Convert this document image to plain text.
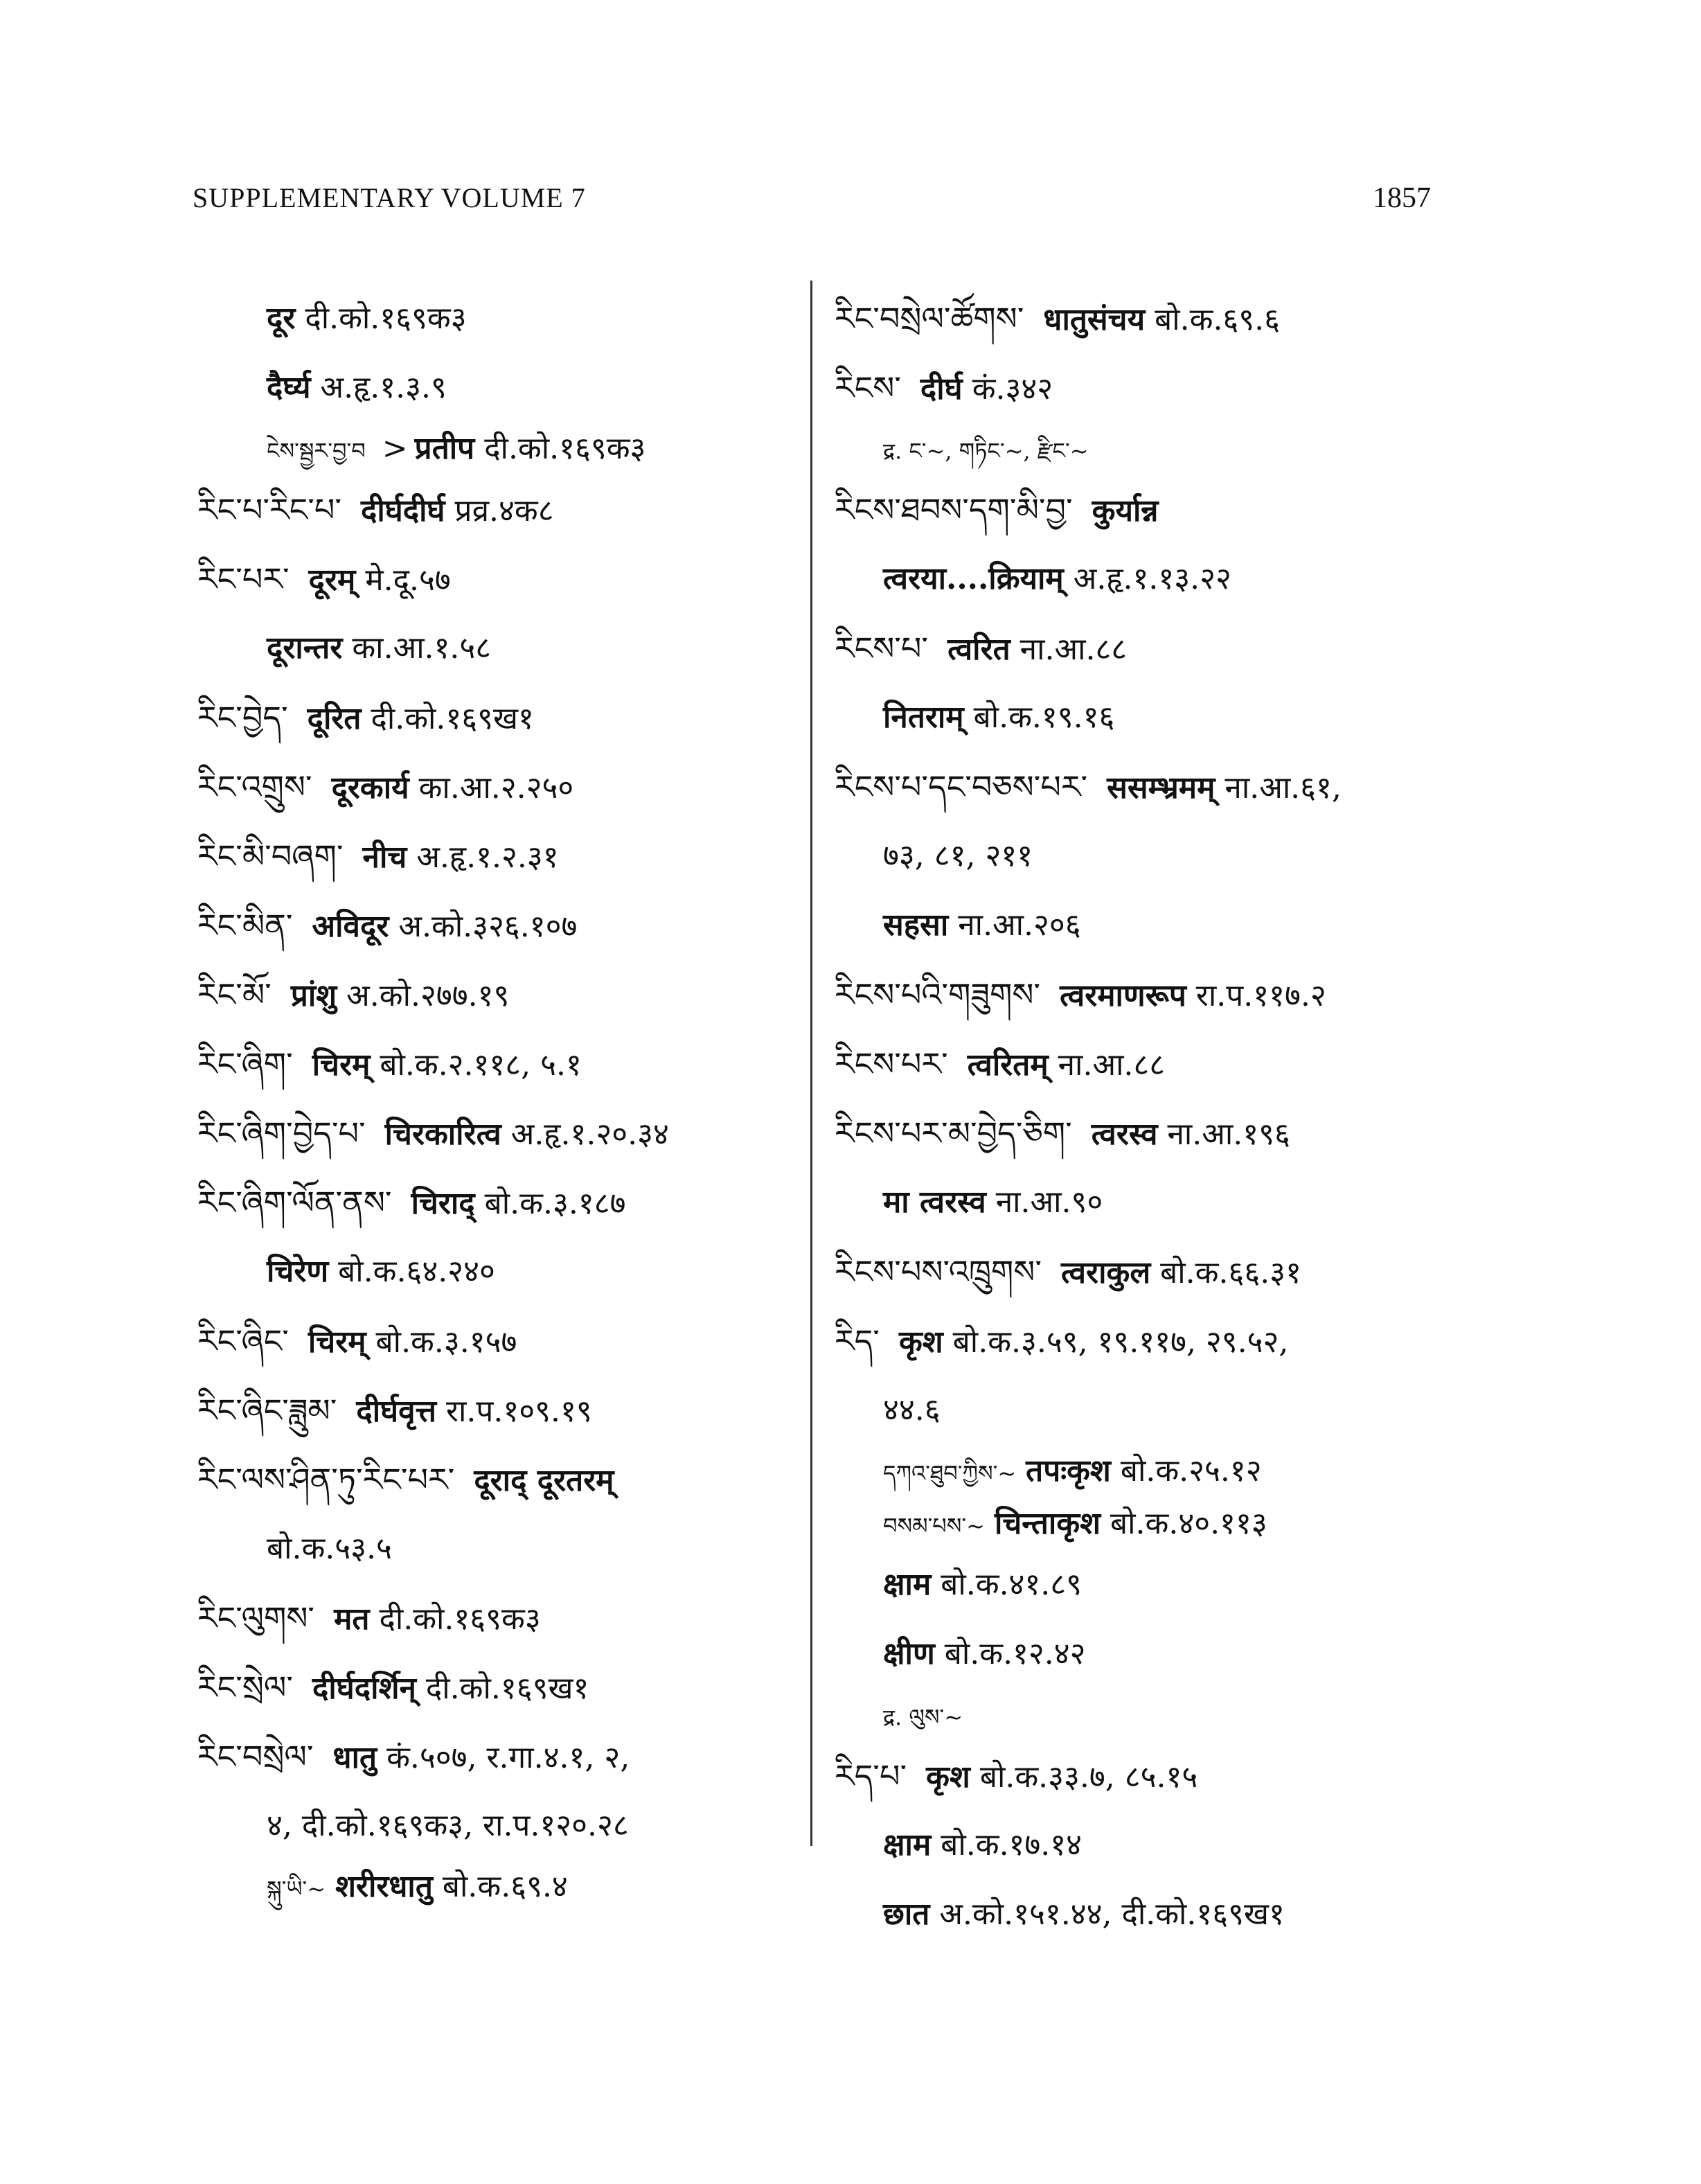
SUPPLEMENTARY VOLUME 7	1857
दूर दी.को.१६९क३
दैर्घ्य अ.हृ.१.३.९
ངེས་སྦྱར་བྱ་བ > प्रतीप दी.को.१६९क३
རིང་པ་རིང་པ་ दीर्घदीर्घ प्रव्र.४क८
རིང་པར་ दूरम् मे.दू.५७
दूरान्तर का.आ.१.५८
རིང་བྱེད་ दूरित दी.को.१६९ख१
རིང་འགྲུས་ दूरकार्य का.आ.२.२५०
རིང་མི་བཞག་ नीच अ.हृ.१.२.३१
རིང་མིན་ अविदूर अ.को.३२६.१०७
རིང་མོ་ प्रांशु अ.को.२७७.१९
རིང་ཞིག་ चिरम् बो.क.२.११८, ५.१
རིང་ཞིག་བྱེད་པ་ चिरकारित्व अ.हृ.१.२०.३४
རིང་ཞིག་ལོན་ནས་ चिराद् बो.क.३.१८७
चिरेण बो.क.६४.२४०
རིང་ཞིང་ चिरम् बो.क.३.१५७
རིང་ཞིང་ཟླུམ་ दीर्घवृत्त रा.प.१०९.१९
རིང་ལས་ཤིན་ཏུ་རིང་པར་ दूराद् दूरतरम्
बो.क.५३.५
རིང་ལུགས་ मत दी.को.१६९क३
རིང་སྲེལ་ दीर्घदर्शिन् दी.को.१६९ख१
རིང་བསྲེལ་ धातु कं.५०७, र.गा.४.१, २,
४, दी.को.१६९क३, रा.प.१२०.२८
སྐུ་ཡི་~ शरीरधातु बो.क.६९.४
རིང་བསྲེལ་ཚོགས་ धातुसंचय बो.क.६९.६
རིངས་ दीर्घ कं.३४२
द्र. ང་~, གཏིང་~, རྫིང་~
རིངས་ཐབས་དག་མི་བྱ་ कुर्यान्न
त्वरया....क्रियाम् अ.हृ.१.१३.२२
རིངས་པ་ त्वरित ना.आ.८८
नितराम् बो.क.१९.१६
རིངས་པ་དང་བཅས་པར་ ससम्भ्रमम् ना.आ.६१,
७३, ८१, २११
सहसा ना.आ.२०६
རིངས་པའི་གཟུགས་ त्वरमाणरूप रा.प.११७.२
རིངས་པར་ त्वरितम् ना.आ.८८
རིངས་པར་མ་བྱེད་ཅིག་ त्वरस्व ना.आ.१९६
मा त्वरस्व ना.आ.९०
རིངས་པས་འཁྲུགས་ त्वराकुल बो.क.६६.३१
རིད་ कृश बो.क.३.५९, १९.११७, २९.५२,
४४.६
དཀའ་ཐུབ་ཀྱིས་~ तपःकृश बो.क.२५.१२
བསམ་པས་~ चिन्ताकृश बो.क.४०.११३
क्षाम बो.क.४१.८९
क्षीण बो.क.१२.४२
द्र. ལུས་~
རིད་པ་ कृश बो.क.३३.७, ८५.१५
क्षाम बो.क.१७.१४
छात अ.को.१५१.४४, दी.को.१६९ख१
